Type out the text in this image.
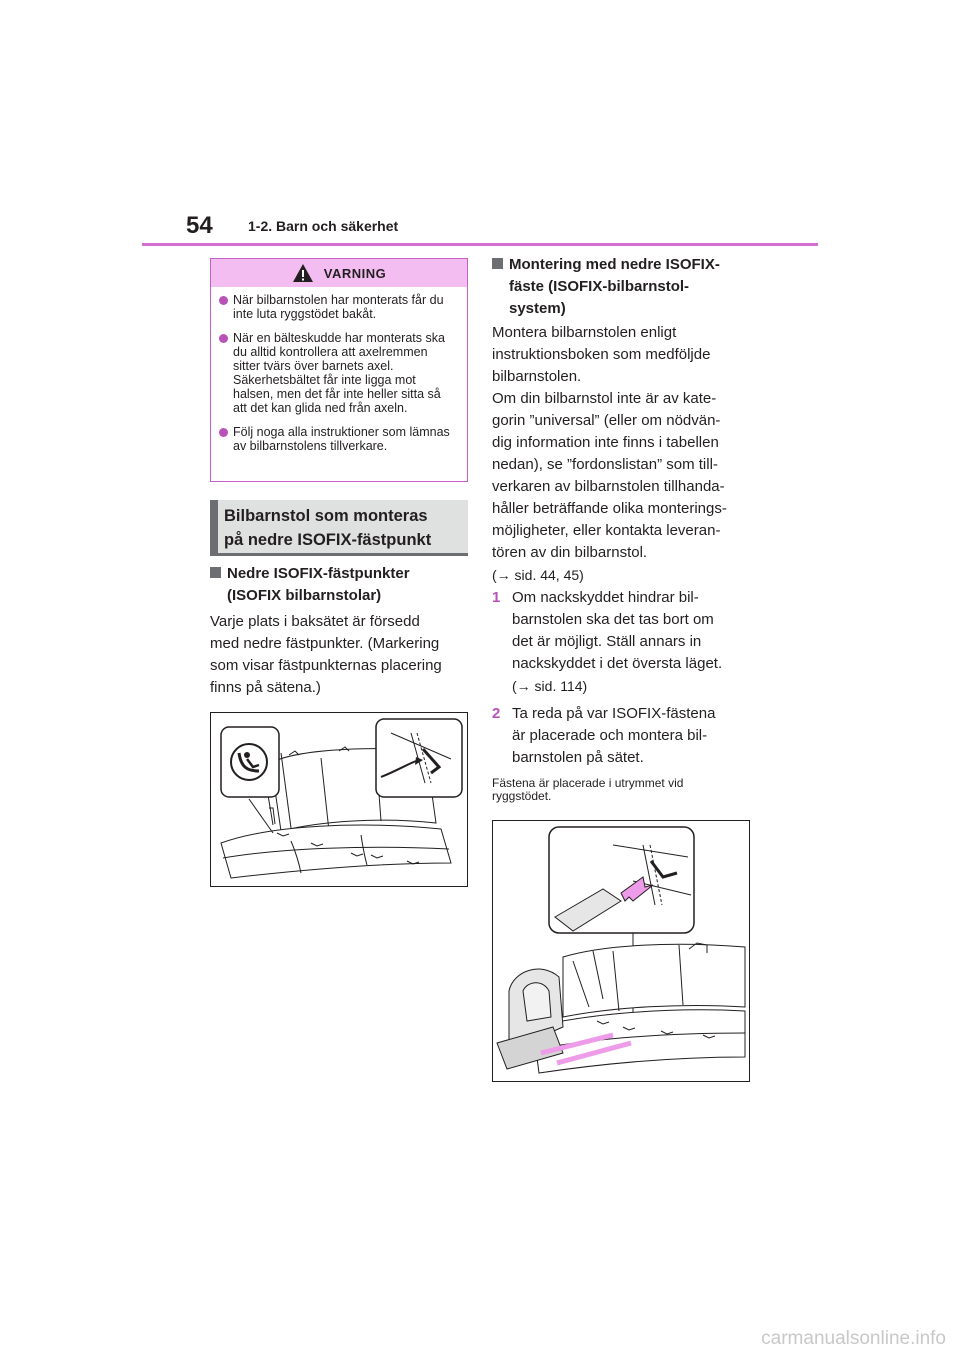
54	1-2. Barn och säkerhet
VARNING
När bilbarnstolen har monterats får du inte luta ryggstödet bakåt.
När en bälteskudde har monterats ska du alltid kontrollera att axelremmen sitter tvärs över barnets axel. Säkerhetsbältet får inte ligga mot halsen, men det får inte heller sitta så att det kan glida ned från axeln.
Följ noga alla instruktioner som lämnas av bilbarnstolens tillverkare.
Bilbarnstol som monteras
på nedre ISOFIX-fästpunkt
Nedre ISOFIX-fästpunkter
(ISOFIX bilbarnstolar)
Varje plats i baksätet är försedd
med nedre fästpunkter. (Markering
som visar fästpunkternas placering
finns på sätena.)
Montering med nedre ISOFIX-
fäste (ISOFIX-bilbarnstol-
system)
Montera bilbarnstolen enligt
instruktionsboken som medföljde
bilbarnstolen.
Om din bilbarnstol inte är av kate-
gorin ”universal” (eller om nödvän-
dig information inte finns i tabellen
nedan), se ”fordonslistan” som till-
verkaren av bilbarnstolen tillhanda-
håller beträffande olika monterings-
möjligheter, eller kontakta leveran-
tören av din bilbarnstol.
(→ sid. 44, 45)
1 Om nackskyddet hindrar bil-
barnstolen ska det tas bort om
det är möjligt. Ställ annars in
nackskyddet i det översta läget.
(→ sid. 114)
2 Ta reda på var ISOFIX-fästena
är placerade och montera bil-
barnstolen på sätet.
Fästena är placerade i utrymmet vid
ryggstödet.
carmanualsonline.info
